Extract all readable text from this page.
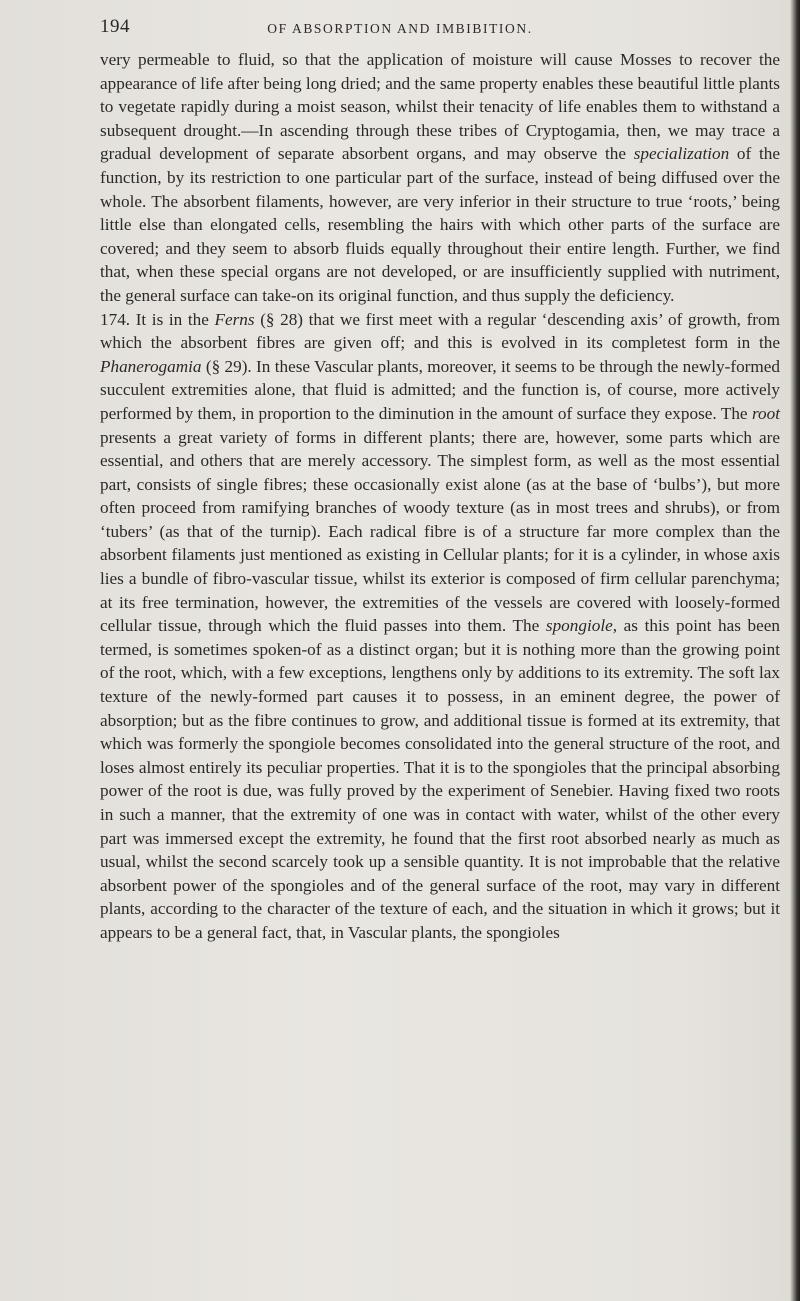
194	OF ABSORPTION AND IMBIBITION.

very permeable to fluid, so that the application of moisture will cause Mosses to recover the appearance of life after being long dried; and the same property enables these beautiful little plants to vegetate rapidly during a moist season, whilst their tenacity of life enables them to withstand a subsequent drought.—In ascending through these tribes of Cryptogamia, then, we may trace a gradual development of separate absorbent organs, and may observe the specialization of the function, by its restriction to one particular part of the surface, instead of being diffused over the whole. The absorbent filaments, however, are very inferior in their structure to true ‘roots,’ being little else than elongated cells, resembling the hairs with which other parts of the surface are covered; and they seem to absorb fluids equally throughout their entire length. Further, we find that, when these special organs are not developed, or are insufficiently supplied with nutriment, the general surface can take-on its original function, and thus supply the deficiency.

174. It is in the Ferns (§ 28) that we first meet with a regular ‘descending axis’ of growth, from which the absorbent fibres are given off; and this is evolved in its completest form in the Phanerogamia (§ 29). In these Vascular plants, moreover, it seems to be through the newly-formed succulent extremities alone, that fluid is admitted; and the function is, of course, more actively performed by them, in proportion to the diminution in the amount of surface they expose. The root presents a great variety of forms in different plants; there are, however, some parts which are essential, and others that are merely accessory. The simplest form, as well as the most essential part, consists of single fibres; these occasionally exist alone (as at the base of ‘bulbs’), but more often proceed from ramifying branches of woody texture (as in most trees and shrubs), or from ‘tubers’ (as that of the turnip). Each radical fibre is of a structure far more complex than the absorbent filaments just mentioned as existing in Cellular plants; for it is a cylinder, in whose axis lies a bundle of fibro-vascular tissue, whilst its exterior is composed of firm cellular parenchyma; at its free termination, however, the extremities of the vessels are covered with loosely-formed cellular tissue, through which the fluid passes into them. The spongiole, as this point has been termed, is sometimes spoken-of as a distinct organ; but it is nothing more than the growing point of the root, which, with a few exceptions, lengthens only by additions to its extremity. The soft lax texture of the newly-formed part causes it to possess, in an eminent degree, the power of absorption; but as the fibre continues to grow, and additional tissue is formed at its extremity, that which was formerly the spongiole becomes consolidated into the general structure of the root, and loses almost entirely its peculiar properties. That it is to the spongioles that the principal absorbing power of the root is due, was fully proved by the experiment of Senebier. Having fixed two roots in such a manner, that the extremity of one was in contact with water, whilst of the other every part was immersed except the extremity, he found that the first root absorbed nearly as much as usual, whilst the second scarcely took up a sensible quantity. It is not improbable that the relative absorbent power of the spongioles and of the general surface of the root, may vary in different plants, according to the character of the texture of each, and the situation in which it grows; but it appears to be a general fact, that, in Vascular plants, the spongioles
